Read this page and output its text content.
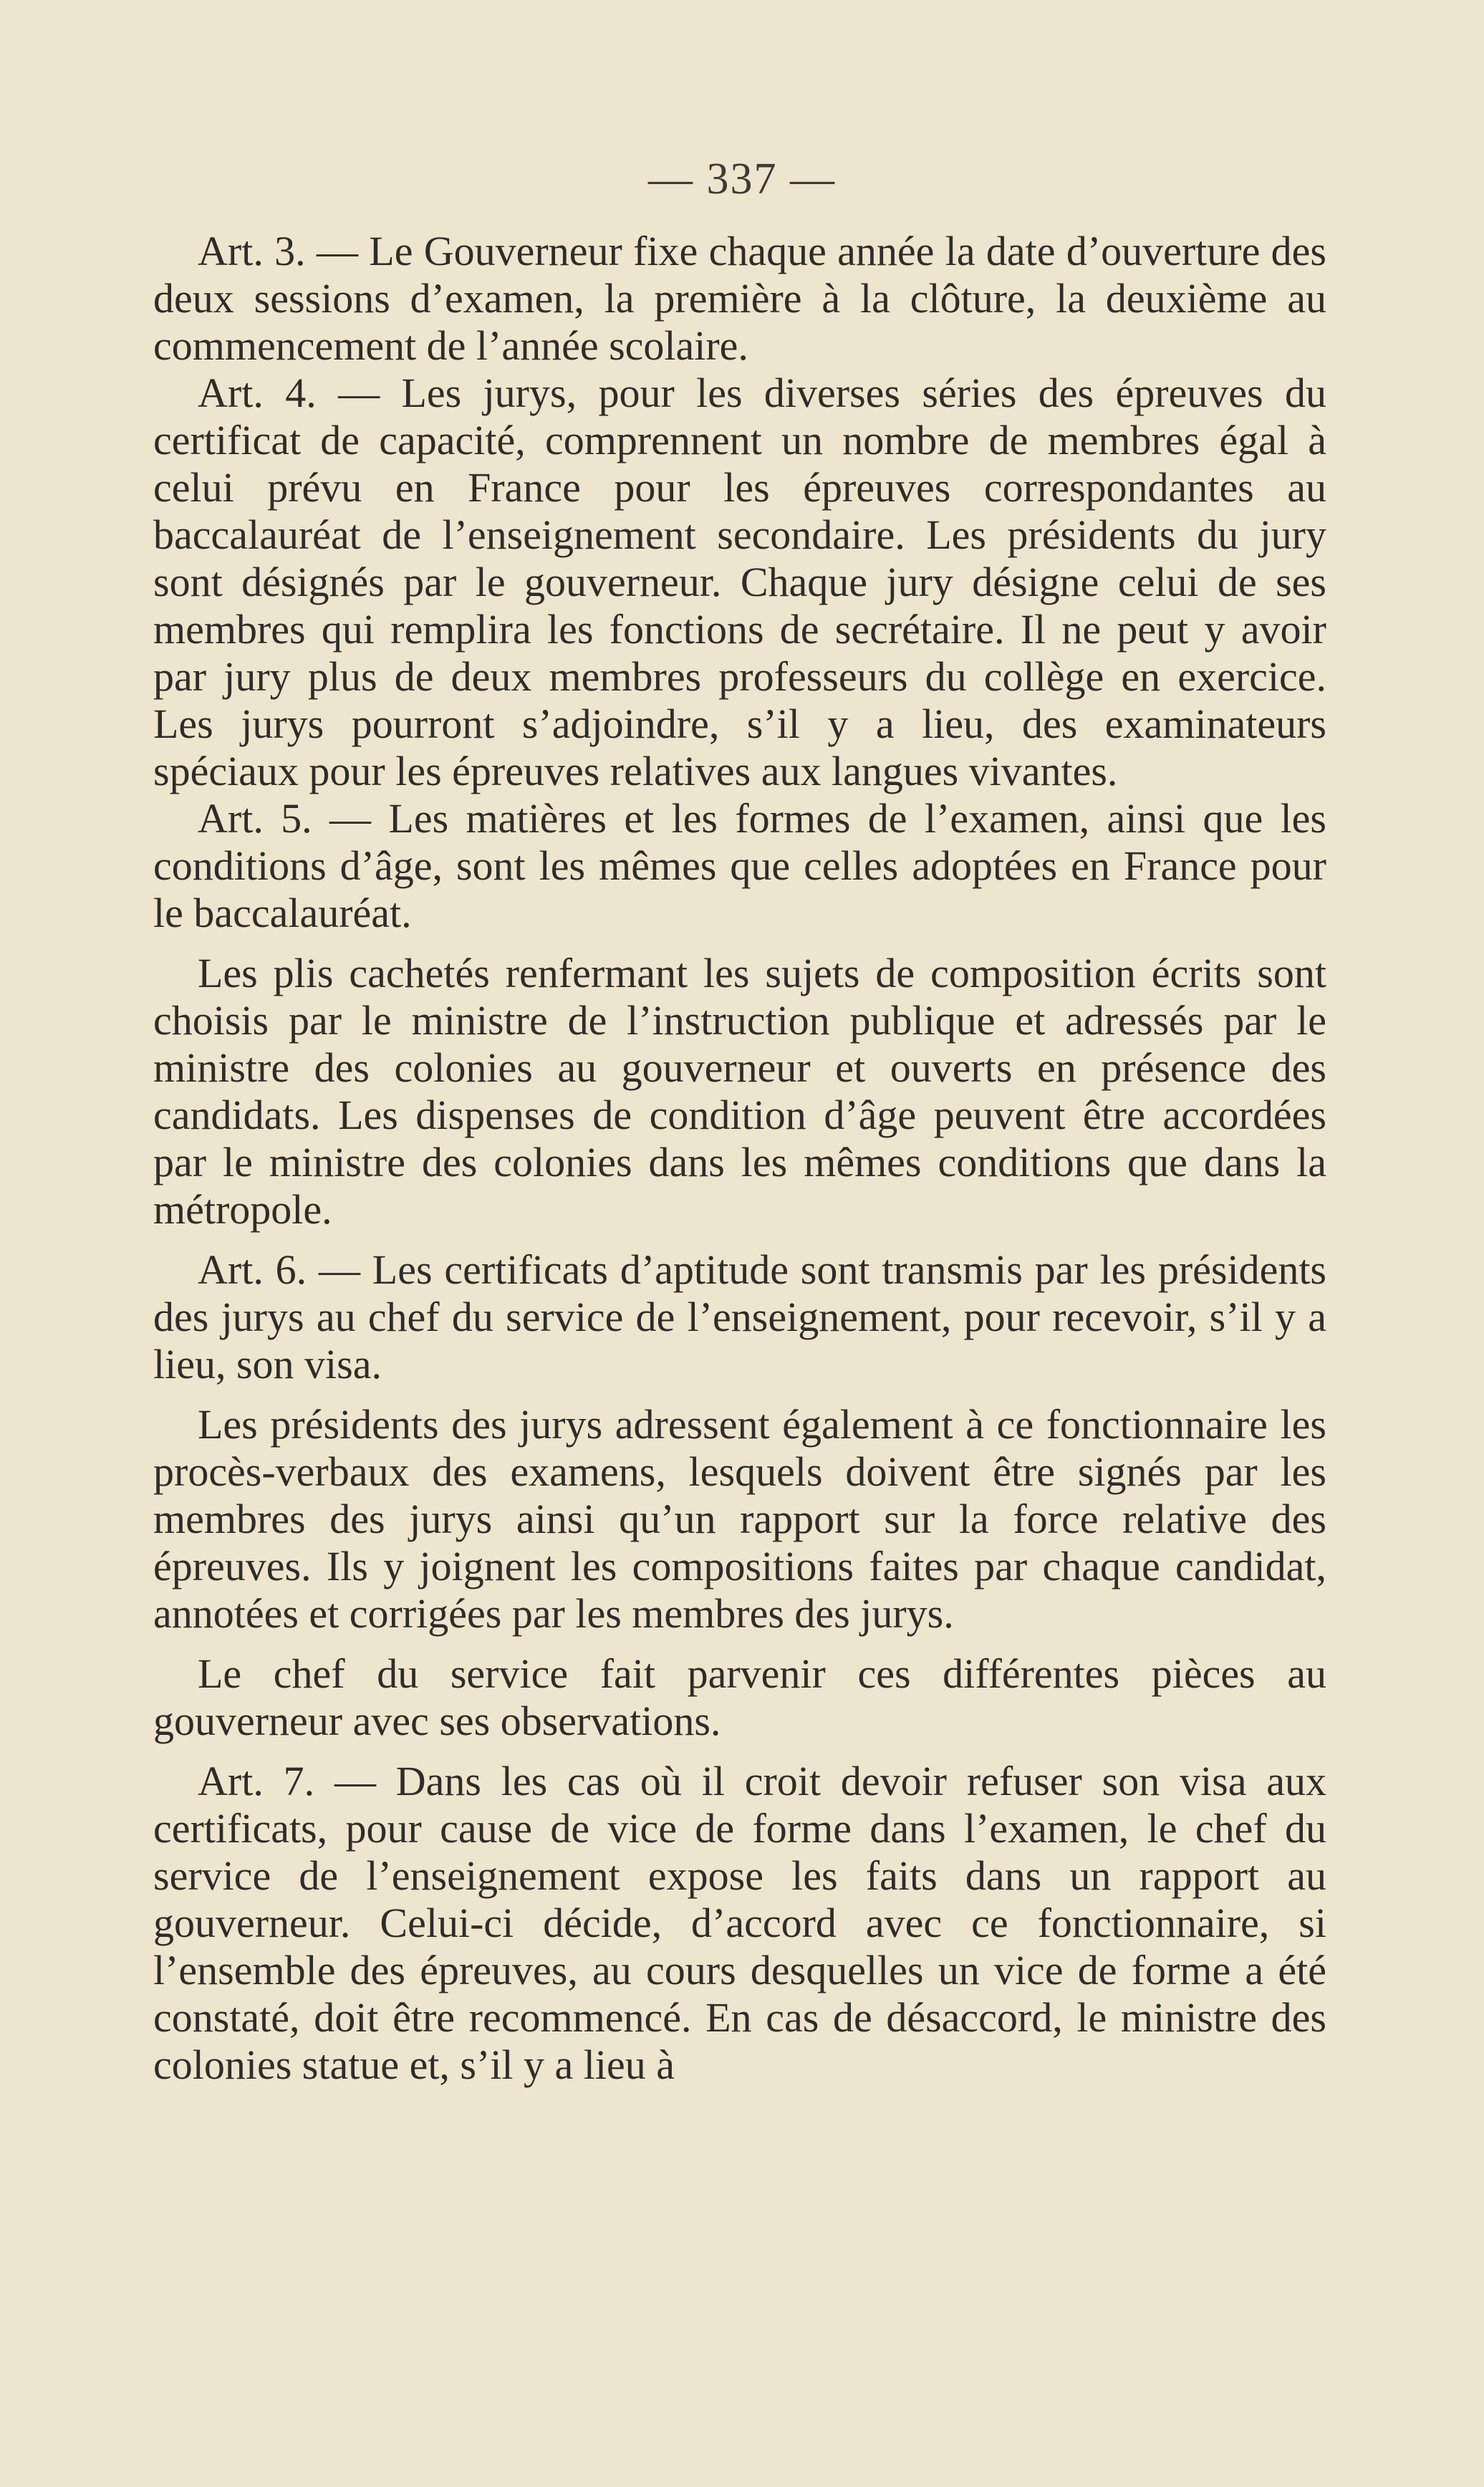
— 337 —

Art. 3. — Le Gouverneur fixe chaque année la date d’ouverture des deux sessions d’examen, la première à la clôture, la deuxième au commencement de l’année scolaire.

Art. 4. — Les jurys, pour les diverses séries des épreuves du certificat de capacité, comprennent un nombre de membres égal à celui prévu en France pour les épreuves correspondantes au baccalauréat de l’enseignement secondaire. Les présidents du jury sont désignés par le gouverneur. Chaque jury désigne celui de ses membres qui remplira les fonctions de secrétaire. Il ne peut y avoir par jury plus de deux membres professeurs du collège en exercice. Les jurys pourront s’adjoindre, s’il y a lieu, des examinateurs spéciaux pour les épreuves relatives aux langues vivantes.

Art. 5. — Les matières et les formes de l’examen, ainsi que les conditions d’âge, sont les mêmes que celles adoptées en France pour le baccalauréat.

Les plis cachetés renfermant les sujets de composition écrits sont choisis par le ministre de l’instruction publique et adressés par le ministre des colonies au gouverneur et ouverts en présence des candidats. Les dispenses de condition d’âge peuvent être accordées par le ministre des colonies dans les mêmes conditions que dans la métropole.

Art. 6. — Les certificats d’aptitude sont transmis par les présidents des jurys au chef du service de l’enseignement, pour recevoir, s’il y a lieu, son visa.

Les présidents des jurys adressent également à ce fonctionnaire les procès-verbaux des examens, lesquels doivent être signés par les membres des jurys ainsi qu’un rapport sur la force relative des épreuves. Ils y joignent les compositions faites par chaque candidat, annotées et corrigées par les membres des jurys.

Le chef du service fait parvenir ces différentes pièces au gouverneur avec ses observations.

Art. 7. — Dans les cas où il croit devoir refuser son visa aux certificats, pour cause de vice de forme dans l’examen, le chef du service de l’enseignement expose les faits dans un rapport au gouverneur. Celui-ci décide, d’accord avec ce fonctionnaire, si l’ensemble des épreuves, au cours desquelles un vice de forme a été constaté, doit être recommencé. En cas de désaccord, le ministre des colonies statue et, s’il y a lieu à
